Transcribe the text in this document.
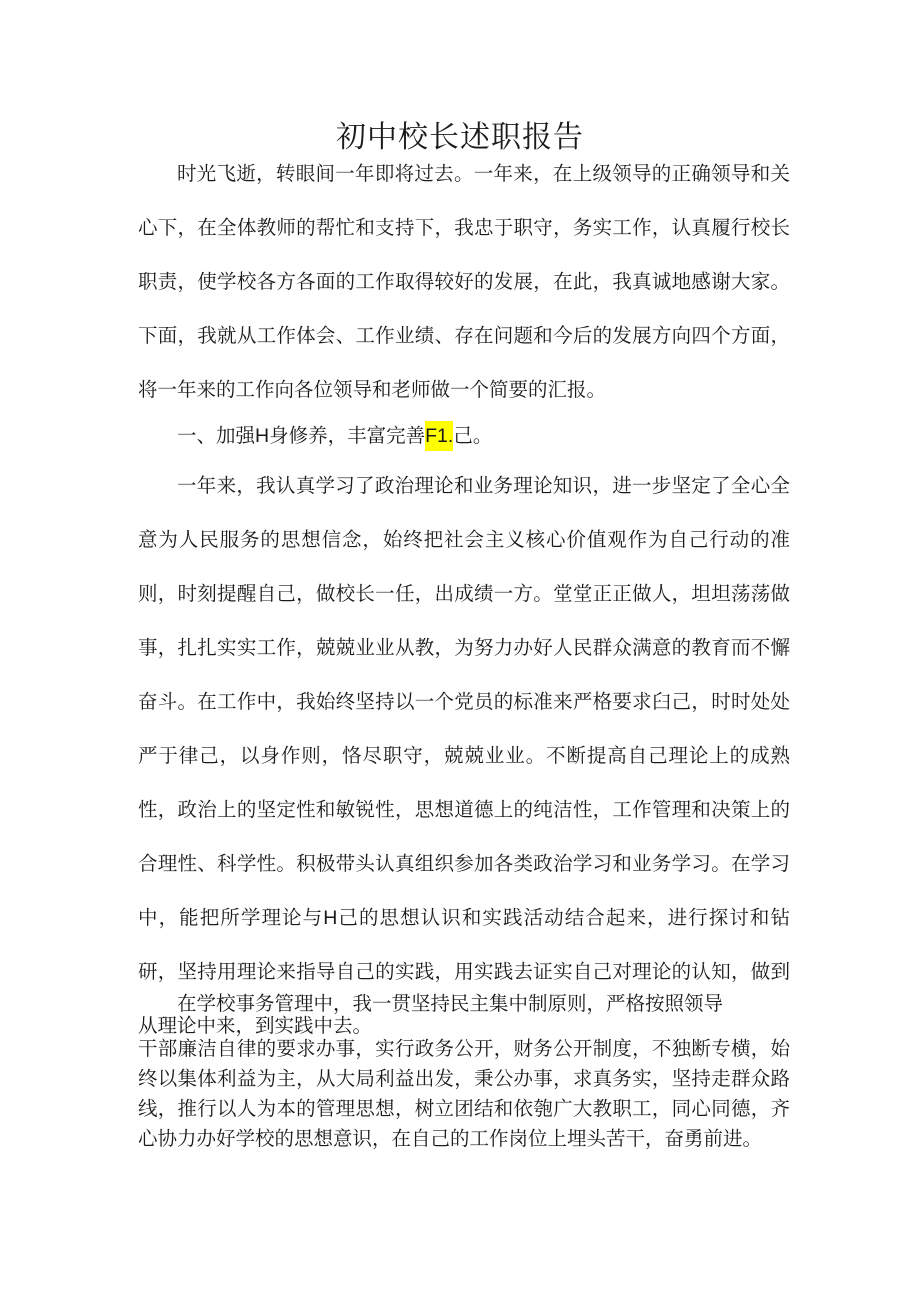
初中校长述职报告

时光飞逝，转眼间一年即将过去。一年来，在上级领导的正确领导和关心下，在全体教师的帮忙和支持下，我忠于职守，务实工作，认真履行校长职责，使学校各方各面的工作取得较好的发展，在此，我真诚地感谢大家。下面，我就从工作体会、工作业绩、存在问题和今后的发展方向四个方面，将一年来的工作向各位领导和老师做一个简要的汇报。

一、加强H身修养，丰富完善F1.己。

一年来，我认真学习了政治理论和业务理论知识，进一步坚定了全心全意为人民服务的思想信念，始终把社会主义核心价值观作为自己行动的准则，时刻提醒自己，做校长一任，出成绩一方。堂堂正正做人，坦坦荡荡做事，扎扎实实工作，兢兢业业从教，为努力办好人民群众满意的教育而不懈奋斗。在工作中，我始终坚持以一个党员的标准来严格要求臼己，时时处处严于律己，以身作则，恪尽职守，兢兢业业。不断提高自己理论上的成熟性，政治上的坚定性和敏锐性，思想道德上的纯洁性，工作管理和决策上的合理性、科学性。积极带头认真组织参加各类政治学习和业务学习。在学习中，能把所学理论与H己的思想认识和实践活动结合起来，进行探讨和钻研，坚持用理论来指导自己的实践，用实践去证实自己对理论的认知，做到从理论中来，到实践中去。

在学校事务管理中，我一贯坚持民主集中制原则，严格按照领导

干部廉洁自律的要求办事，实行政务公开，财务公开制度，不独断专横，始终以集体利益为主，从大局利益出发，秉公办事，求真务实，坚持走群众路线，推行以人为本的管理思想，树立团结和依匏广大教职工，同心同德，齐心协力办好学校的思想意识，在自己的工作岗位上埋头苦干，奋勇前进。
